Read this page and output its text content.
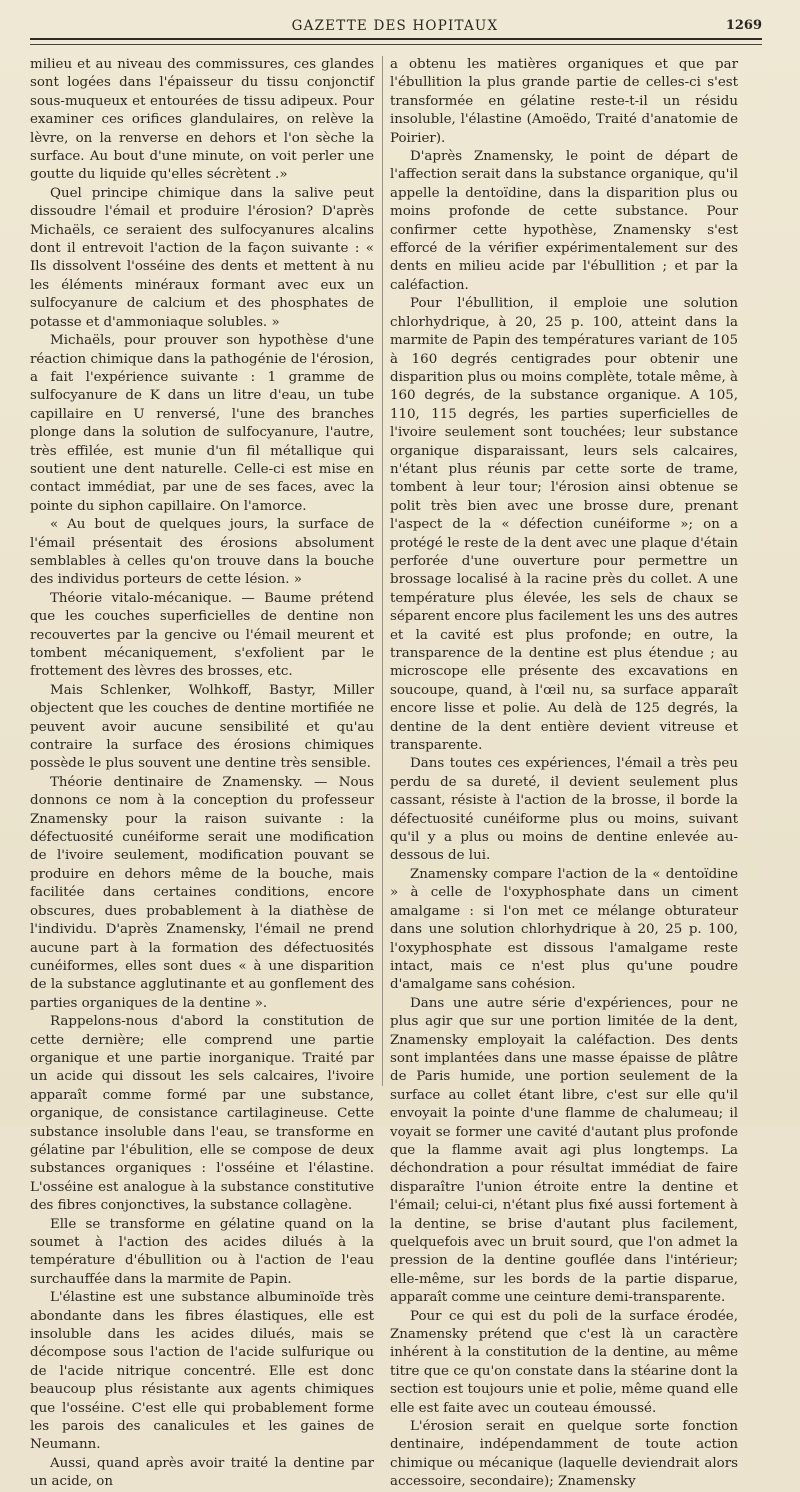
GAZETTE DES HOPITAUX	1269

milieu et au niveau des commissures, ces glandes sont logées dans l'épaisseur du tissu conjonctif sous-muqueux et entourées de tissu adipeux. Pour examiner ces orifices glandulaires, on relève la lèvre, on la renverse en dehors et l'on sèche la surface. Au bout d'une minute, on voit perler une goutte du liquide qu'elles sécrètent .»

Quel principe chimique dans la salive peut dissoudre l'émail et produire l'érosion? D'après Michaëls, ce seraient des sulfocyanures alcalins dont il entrevoit l'action de la façon suivante : « Ils dissolvent l'osséine des dents et mettent à nu les éléments minéraux formant avec eux un sulfocyanure de calcium et des phosphates de potasse et d'ammoniaque solubles. »

Michaëls, pour prouver son hypothèse d'une réaction chimique dans la pathogénie de l'érosion, a fait l'expérience suivante : 1 gramme de sulfocyanure de K dans un litre d'eau, un tube capillaire en U renversé, l'une des branches plonge dans la solution de sulfocyanure, l'autre, très effilée, est munie d'un fil métallique qui soutient une dent naturelle. Celle-ci est mise en contact immédiat, par une de ses faces, avec la pointe du siphon capillaire. On l'amorce.

« Au bout de quelques jours, la surface de l'émail présentait des érosions absolument semblables à celles qu'on trouve dans la bouche des individus porteurs de cette lésion. »

Théorie vitalo-mécanique. — Baume prétend que les couches superficielles de dentine non recouvertes par la gencive ou l'émail meurent et tombent mécaniquement, s'exfolient par le frottement des lèvres des brosses, etc.

Mais Schlenker, Wolhkoff, Bastyr, Miller objectent que les couches de dentine mortifiée ne peuvent avoir aucune sensibilité et qu'au contraire la surface des érosions chimiques possède le plus souvent une dentine très sensible.

Théorie dentinaire de Znamensky. — Nous donnons ce nom à la conception du professeur Znamensky pour la raison suivante : la défectuosité cunéiforme serait une modification de l'ivoire seulement, modification pouvant se produire en dehors même de la bouche, mais facilitée dans certaines conditions, encore obscures, dues probablement à la diathèse de l'individu. D'après Znamensky, l'émail ne prend aucune part à la formation des défectuosités cunéiformes, elles sont dues « à une disparition de la substance agglutinante et au gonflement des parties organiques de la dentine ».

Rappelons-nous d'abord la constitution de cette dernière; elle comprend une partie organique et une partie inorganique. Traité par un acide qui dissout les sels calcaires, l'ivoire apparaît comme formé par une substance, organique, de consistance cartilagineuse. Cette substance insoluble dans l'eau, se transforme en gélatine par l'ébulition, elle se compose de deux substances organiques : l'osséine et l'élastine. L'osséine est analogue à la substance constitutive des fibres conjonctives, la substance collagène.

Elle se transforme en gélatine quand on la soumet à l'action des acides dilués à la température d'ébullition ou à l'action de l'eau surchauffée dans la marmite de Papin.

L'élastine est une substance albuminoïde très abondante dans les fibres élastiques, elle est insoluble dans les acides dilués, mais se décompose sous l'action de l'acide sulfurique ou de l'acide nitrique concentré. Elle est donc beaucoup plus résistante aux agents chimiques que l'osséine. C'est elle qui probablement forme les parois des canalicules et les gaines de Neumann.

Aussi, quand après avoir traité la dentine par un acide, on

a obtenu les matières organiques et que par l'ébullition la plus grande partie de celles-ci s'est transformée en gélatine reste-t-il un résidu insoluble, l'élastine (Amoëdo, Traité d'anatomie de Poirier).

D'après Znamensky, le point de départ de l'affection serait dans la substance organique, qu'il appelle la dentoïdine, dans la disparition plus ou moins profonde de cette substance. Pour confirmer cette hypothèse, Znamensky s'est efforcé de la vérifier expérimentalement sur des dents en milieu acide par l'ébullition ; et par la caléfaction.

Pour l'ébullition, il emploie une solution chlorhydrique, à 20, 25 p. 100, atteint dans la marmite de Papin des températures variant de 105 à 160 degrés centigrades pour obtenir une disparition plus ou moins complète, totale même, à 160 degrés, de la substance organique. A 105, 110, 115 degrés, les parties superficielles de l'ivoire seulement sont touchées; leur substance organique disparaissant, leurs sels calcaires, n'étant plus réunis par cette sorte de trame, tombent à leur tour; l'érosion ainsi obtenue se polit très bien avec une brosse dure, prenant l'aspect de la « défection cunéiforme »; on a protégé le reste de la dent avec une plaque d'étain perforée d'une ouverture pour permettre un brossage localisé à la racine près du collet. A une température plus élevée, les sels de chaux se séparent encore plus facilement les uns des autres et la cavité est plus profonde; en outre, la transparence de la dentine est plus étendue ; au microscope elle présente des excavations en soucoupe, quand, à l'œil nu, sa surface apparaît encore lisse et polie. Au delà de 125 degrés, la dentine de la dent entière devient vitreuse et transparente.

Dans toutes ces expériences, l'émail a très peu perdu de sa dureté, il devient seulement plus cassant, résiste à l'action de la brosse, il borde la défectuosité cunéiforme plus ou moins, suivant qu'il y a plus ou moins de dentine enlevée au-dessous de lui.

Znamensky compare l'action de la « dentoïdine » à celle de l'oxyphosphate dans un ciment amalgame : si l'on met ce mélange obturateur dans une solution chlorhydrique à 20, 25 p. 100, l'oxyphosphate est dissous l'amalgame reste intact, mais ce n'est plus qu'une poudre d'amalgame sans cohésion.

Dans une autre série d'expériences, pour ne plus agir que sur une portion limitée de la dent, Znamensky employait la caléfaction. Des dents sont implantées dans une masse épaisse de plâtre de Paris humide, une portion seulement de la surface au collet étant libre, c'est sur elle qu'il envoyait la pointe d'une flamme de chalumeau; il voyait se former une cavité d'autant plus profonde que la flamme avait agi plus longtemps. La déchondration a pour résultat immédiat de faire disparaître l'union étroite entre la dentine et l'émail; celui-ci, n'étant plus fixé aussi fortement à la dentine, se brise d'autant plus facilement, quelquefois avec un bruit sourd, que l'on admet la pression de la dentine gouflée dans l'intérieur; elle-même, sur les bords de la partie disparue, apparaît comme une ceinture demi-transparente.

Pour ce qui est du poli de la surface érodée, Znamensky prétend que c'est là un caractère inhérent à la constitution de la dentine, au même titre que ce qu'on constate dans la stéarine dont la section est toujours unie et polie, même quand elle elle est faite avec un couteau émoussé.

L'érosion serait en quelque sorte fonction dentinaire, indépendamment de toute action chimique ou mécanique (laquelle deviendrait alors accessoire, secondaire); Znamensky
